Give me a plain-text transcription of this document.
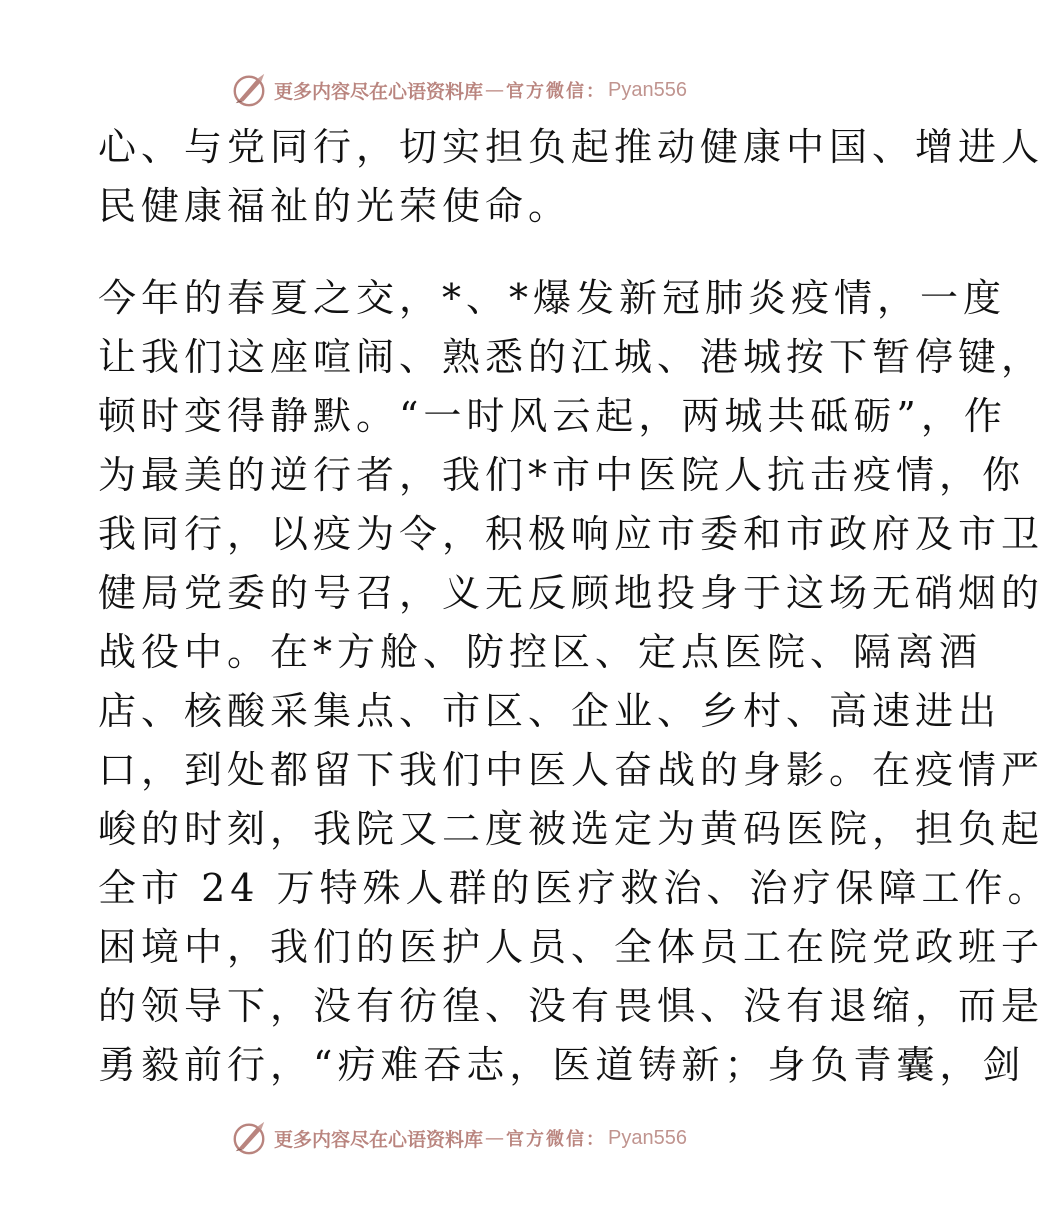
更多内容尽在心语资料库 — 官方微信： Pyan556
心、与党同行，切实担负起推动健康中国、增进人
民健康福祉的光荣使命。
今年的春夏之交，*、*爆发新冠肺炎疫情，一度
让我们这座喧闹、熟悉的江城、港城按下暂停键，
顿时变得静默。“一时风云起，两城共砥砺”，作
为最美的逆行者，我们*市中医院人抗击疫情，你
我同行，以疫为令，积极响应市委和市政府及市卫
健局党委的号召，义无反顾地投身于这场无硝烟的
战役中。在*方舱、防控区、定点医院、隔离酒
店、核酸采集点、市区、企业、乡村、高速进出
口，到处都留下我们中医人奋战的身影。在疫情严
峻的时刻，我院又二度被选定为黄码医院，担负起
全市 24 万特殊人群的医疗救治、治疗保障工作。
困境中，我们的医护人员、全体员工在院党政班子
的领导下，没有彷徨、没有畏惧、没有退缩，而是
勇毅前行，“疠难吞志，医道铸新；身负青囊，剑
更多内容尽在心语资料库 — 官方微信： Pyan556
